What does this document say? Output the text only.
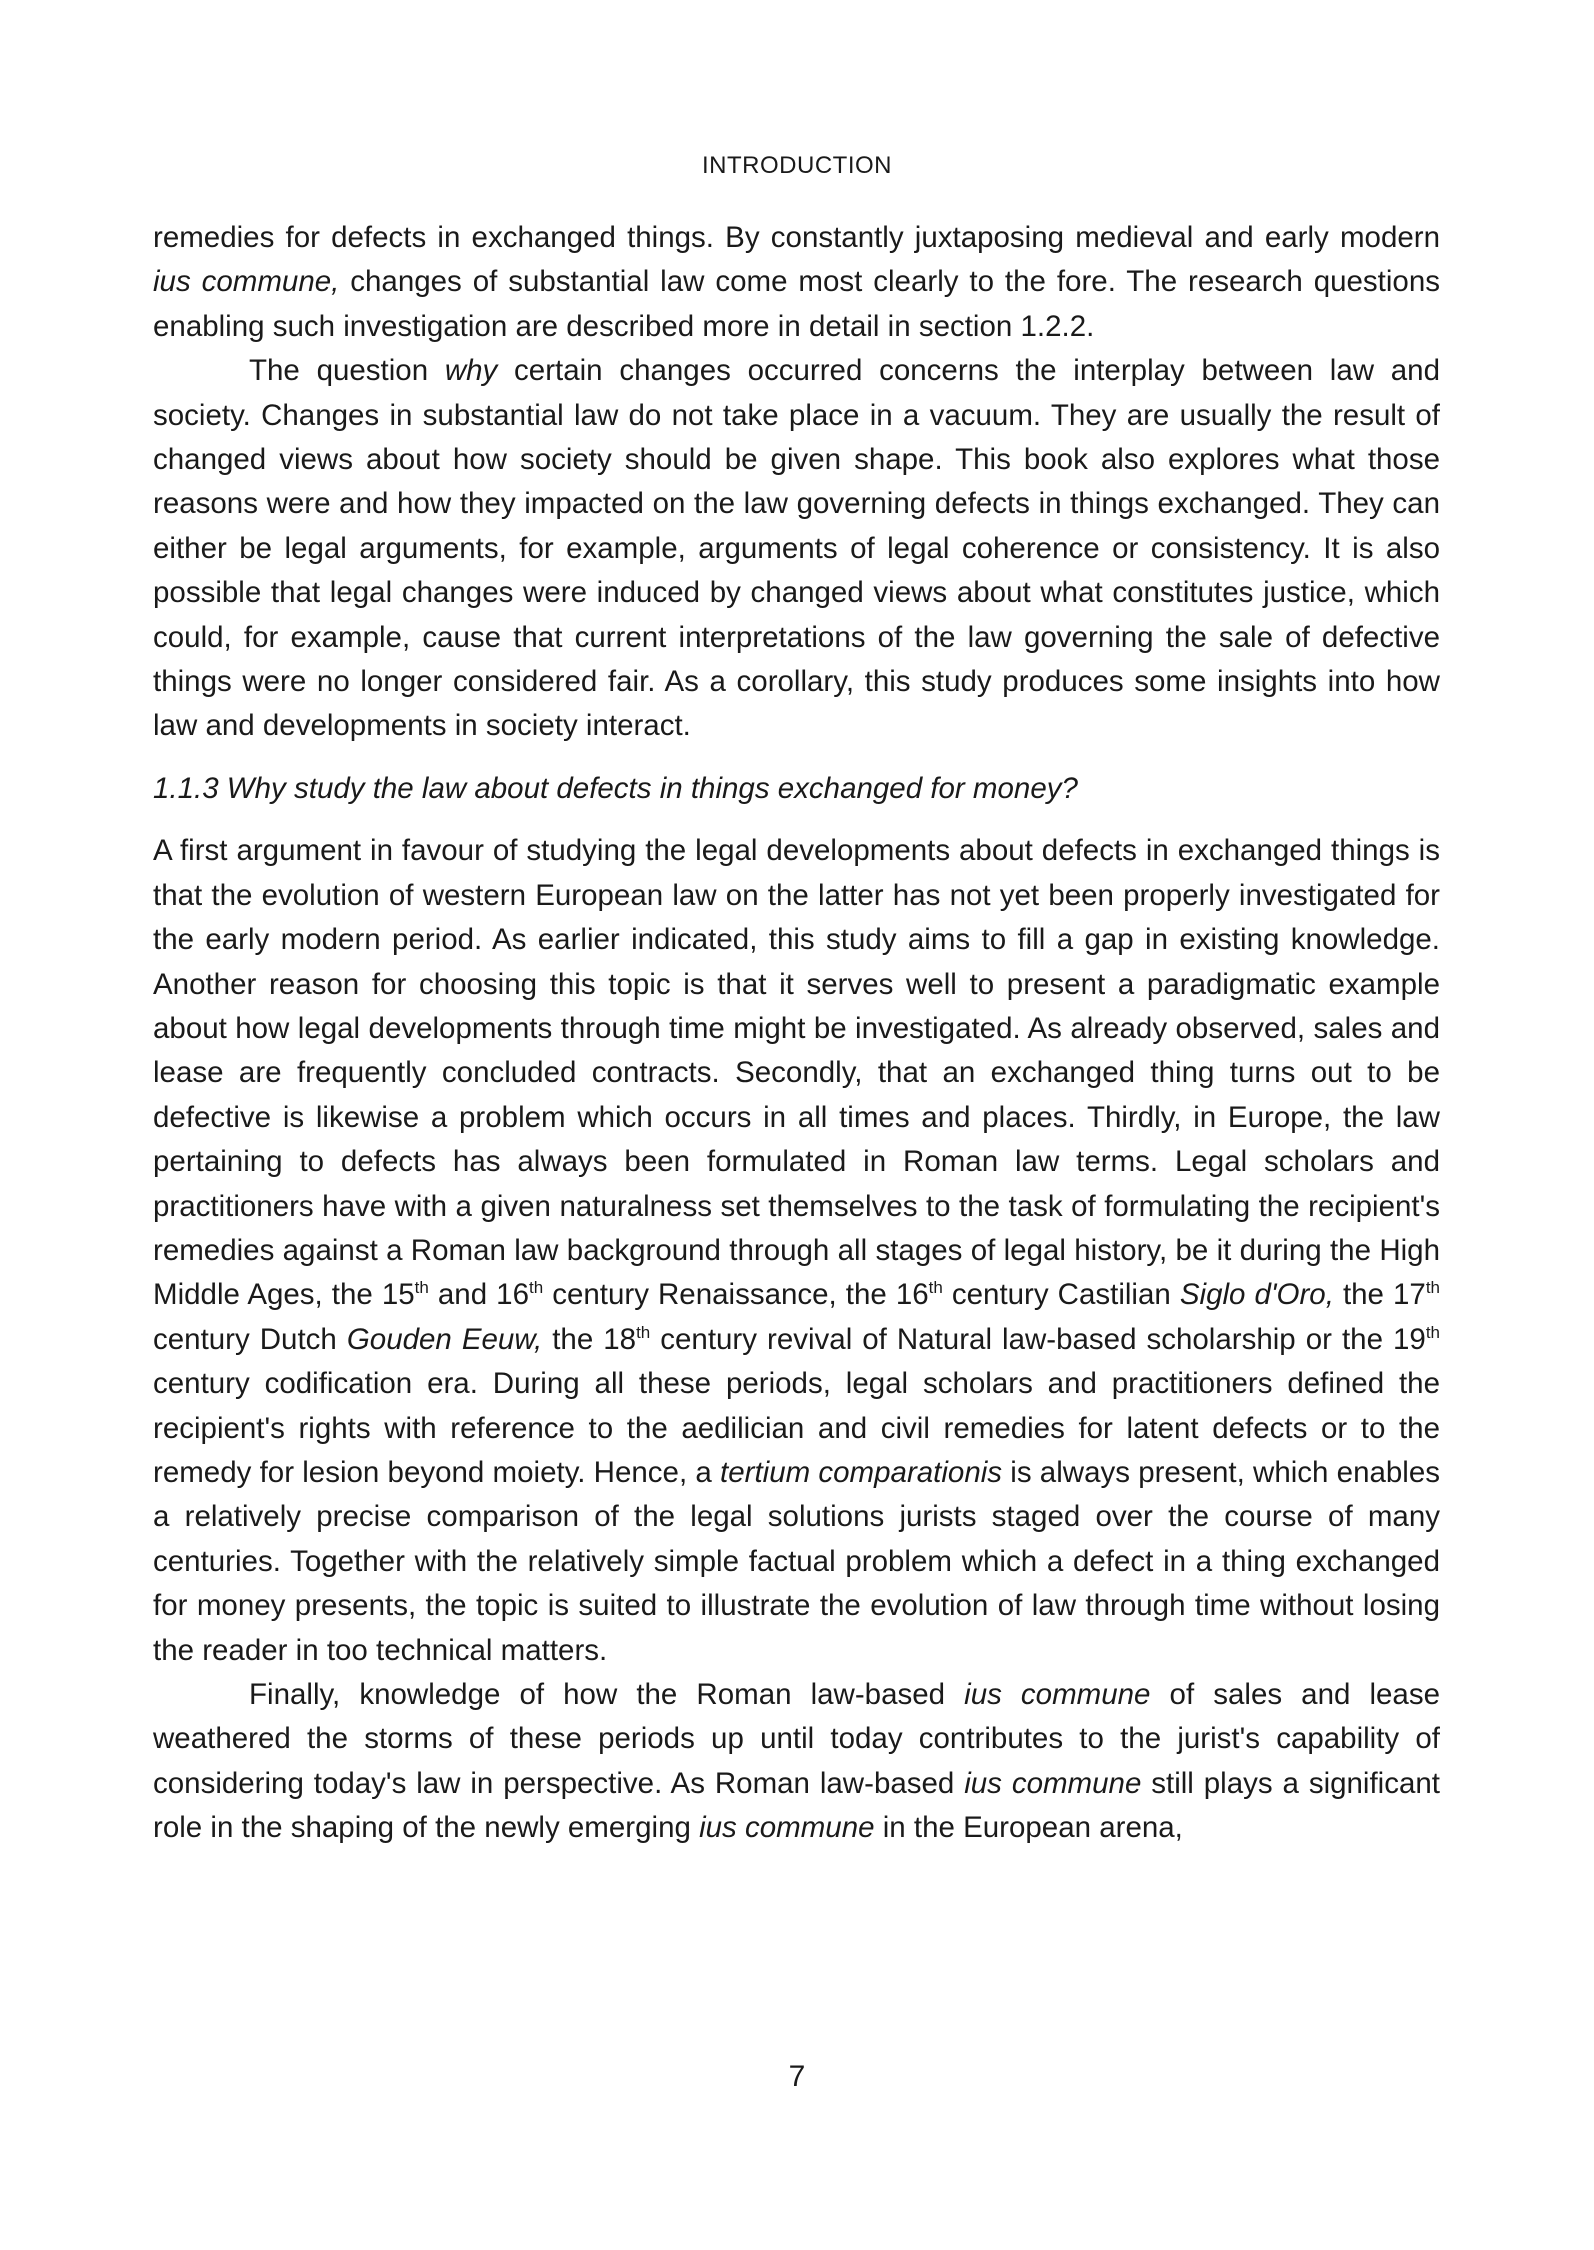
INTRODUCTION

remedies for defects in exchanged things. By constantly juxtaposing medieval and early modern ius commune, changes of substantial law come most clearly to the fore. The research questions enabling such investigation are described more in detail in section 1.2.2.

The question why certain changes occurred concerns the interplay between law and society. Changes in substantial law do not take place in a vacuum. They are usually the result of changed views about how society should be given shape. This book also explores what those reasons were and how they impacted on the law governing defects in things exchanged. They can either be legal arguments, for example, arguments of legal coherence or consistency. It is also possible that legal changes were induced by changed views about what constitutes justice, which could, for example, cause that current interpretations of the law governing the sale of defective things were no longer considered fair. As a corollary, this study produces some insights into how law and developments in society interact.

1.1.3 Why study the law about defects in things exchanged for money?

A first argument in favour of studying the legal developments about defects in exchanged things is that the evolution of western European law on the latter has not yet been properly investigated for the early modern period. As earlier indicated, this study aims to fill a gap in existing knowledge. Another reason for choosing this topic is that it serves well to present a paradigmatic example about how legal developments through time might be investigated. As already observed, sales and lease are frequently concluded contracts. Secondly, that an exchanged thing turns out to be defective is likewise a problem which occurs in all times and places. Thirdly, in Europe, the law pertaining to defects has always been formulated in Roman law terms. Legal scholars and practitioners have with a given naturalness set themselves to the task of formulating the recipient's remedies against a Roman law background through all stages of legal history, be it during the High Middle Ages, the 15th and 16th century Renaissance, the 16th century Castilian Siglo d'Oro, the 17th century Dutch Gouden Eeuw, the 18th century revival of Natural law-based scholarship or the 19th century codification era. During all these periods, legal scholars and practitioners defined the recipient's rights with reference to the aedilician and civil remedies for latent defects or to the remedy for lesion beyond moiety. Hence, a tertium comparationis is always present, which enables a relatively precise comparison of the legal solutions jurists staged over the course of many centuries. Together with the relatively simple factual problem which a defect in a thing exchanged for money presents, the topic is suited to illustrate the evolution of law through time without losing the reader in too technical matters.

Finally, knowledge of how the Roman law-based ius commune of sales and lease weathered the storms of these periods up until today contributes to the jurist's capability of considering today's law in perspective. As Roman law-based ius commune still plays a significant role in the shaping of the newly emerging ius commune in the European arena,

7
